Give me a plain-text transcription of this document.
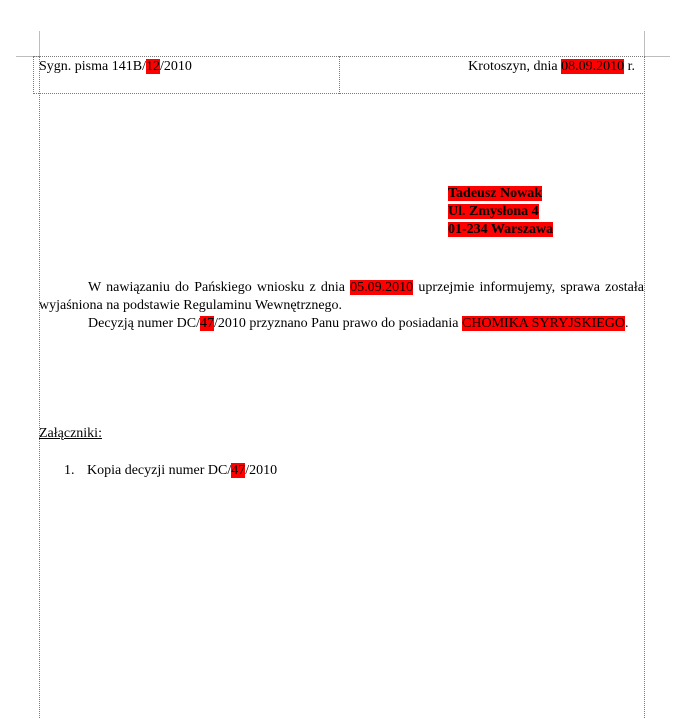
Sygn. pisma 141B/12/2010	Krotoszyn, dnia 08.09.2010 r.
Tadeusz Nowak
Ul. Zmysłona 4
01-234 Warszawa

W nawiązaniu do Pańskiego wniosku z dnia 05.09.2010 uprzejmie informujemy, sprawa została wyjaśniona na podstawie Regulaminu Wewnętrznego.

Decyzją numer DC/47/2010 przyznano Panu prawo do posiadania CHOMIKA SYRYJSKIEGO.

Załączniki:
1. Kopia decyzji numer DC/47/2010
